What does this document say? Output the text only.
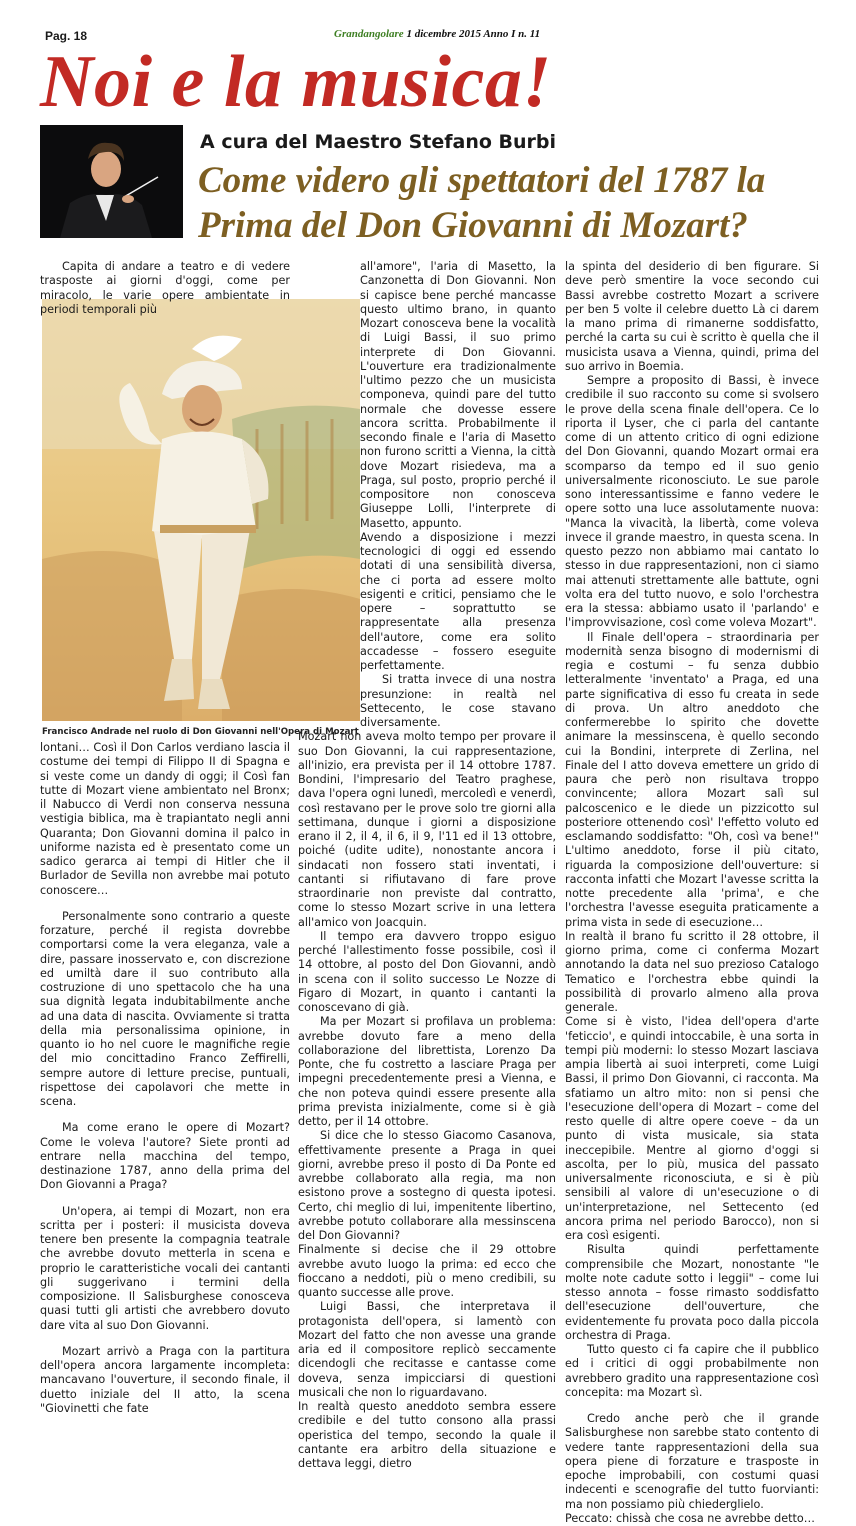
Pag. 18	Grandangolare 1 dicembre 2015 Anno I n. 11
Noi e la musica!
A cura del Maestro Stefano Burbi
Come videro gli spettatori del 1787 la Prima del Don Giovanni di Mozart?
Francisco Andrade nel ruolo di Don Giovanni nell'Opera di Mozart

Capita di andare a teatro e di vedere trasposte ai giorni d'oggi, come per miracolo, le varie opere ambientate in periodi temporali più

lontani… Così il Don Carlos verdiano lascia il costume dei tempi di Filippo II di Spagna e si veste come un dandy di oggi; il Così fan tutte di Mozart viene ambientato nel Bronx; il Nabucco di Verdi non conserva nessuna vestigia biblica, ma è trapiantato negli anni Quaranta; Don Giovanni domina il palco in uniforme nazista ed è presentato come un sadico gerarca ai tempi di Hitler che il Burlador de Sevilla non avrebbe mai potuto conoscere…

Personalmente sono contrario a queste forzature, perché il regista dovrebbe comportarsi come la vera eleganza, vale a dire, passare inosservato e, con discrezione ed umiltà dare il suo contributo alla costruzione di uno spettacolo che ha una sua dignità legata indubitabilmente anche ad una data di nascita. Ovviamente si tratta della mia personalissima opinione, in quanto io ho nel cuore le magnifiche regie del mio concittadino Franco Zeffirelli, sempre autore di letture precise, puntuali, rispettose dei capolavori che mette in scena.

Ma come erano le opere di Mozart? Come le voleva l'autore? Siete pronti ad entrare nella macchina del tempo, destinazione 1787, anno della prima del Don Giovanni a Praga?

Un'opera, ai tempi di Mozart, non era scritta per i posteri: il musicista doveva tenere ben presente la compagnia teatrale che avrebbe dovuto metterla in scena e proprio le caratteristiche vocali dei cantanti gli suggerivano i termini della composizione. Il Salisburghese conosceva quasi tutti gli artisti che avrebbero dovuto dare vita al suo Don Giovanni.

Mozart arrivò a Praga con la partitura dell'opera ancora largamente incompleta: mancavano l'ouverture, il secondo finale, il duetto iniziale del II atto, la scena "Giovinetti che fate

all'amore", l'aria di Masetto, la Canzonetta di Don Giovanni. Non si capisce bene perché mancasse questo ultimo brano, in quanto Mozart conosceva bene la vocalità di Luigi Bassi, il suo primo interprete di Don Giovanni. L'ouverture era tradizionalmente l'ultimo pezzo che un musicista componeva, quindi pare del tutto normale che dovesse essere ancora scritta. Probabilmente il secondo finale e l'aria di Masetto non furono scritti a Vienna, la città dove Mozart risiedeva, ma a Praga, sul posto, proprio perché il compositore non conosceva Giuseppe Lolli, l'interprete di Masetto, appunto.

Avendo a disposizione i mezzi tecnologici di oggi ed essendo dotati di una sensibilità diversa, che ci porta ad essere molto esigenti e critici, pensiamo che le opere – soprattutto se rappresentate alla presenza dell'autore, come era solito accadesse – fossero eseguite perfettamente.

Si tratta invece di una nostra presunzione: in realtà nel Settecento, le cose stavano diversamente.

Mozart non aveva molto tempo per provare il suo Don Giovanni, la cui rappresentazione, all'inizio, era prevista per il 14 ottobre 1787. Bondini, l'impresario del Teatro praghese, dava l'opera ogni lunedì, mercoledì e venerdì, così restavano per le prove solo tre giorni alla settimana, dunque i giorni a disposizione erano il 2, il 4, il 6, il 9, l'11 ed il 13 ottobre, poiché (udite udite), nonostante ancora i sindacati non fossero stati inventati, i cantanti si rifiutavano di fare prove straordinarie non previste dal contratto, come lo stesso Mozart scrive in una lettera all'amico von Joacquin.

Il tempo era davvero troppo esiguo perché l'allestimento fosse possibile, così il 14 ottobre, al posto del Don Giovanni, andò in scena con il solito successo Le Nozze di Figaro di Mozart, in quanto i cantanti la conoscevano di già.

Ma per Mozart si profilava un problema: avrebbe dovuto fare a meno della collaborazione del librettista, Lorenzo Da Ponte, che fu costretto a lasciare Praga per impegni precedentemente presi a Vienna, e che non poteva quindi essere presente alla prima prevista inizialmente, come si è già detto, per il 14 ottobre.

Si dice che lo stesso Giacomo Casanova, effettivamente presente a Praga in quei giorni, avrebbe preso il posto di Da Ponte ed avrebbe collaborato alla regia, ma non esistono prove a sostegno di questa ipotesi. Certo, chi meglio di lui, impenitente libertino, avrebbe potuto collaborare alla messinscena del Don Giovanni?

Finalmente si decise che il 29 ottobre avrebbe avuto luogo la prima: ed ecco che fioccano a neddoti, più o meno credibili, su quanto successe alle prove.

Luigi Bassi, che interpretava il protagonista dell'opera, si lamentò con Mozart del fatto che non avesse una grande aria ed il compositore replicò seccamente dicendogli che recitasse e cantasse come doveva, senza impicciarsi di questioni musicali che non lo riguardavano.

In realtà questo aneddoto sembra essere credibile e del tutto consono alla prassi operistica del tempo, secondo la quale il cantante era arbitro della situazione e dettava leggi, dietro

la spinta del desiderio di ben figurare. Si deve però smentire la voce secondo cui Bassi avrebbe costretto Mozart a scrivere per ben 5 volte il celebre duetto Là ci darem la mano prima di rimanerne soddisfatto, perché la carta su cui è scritto è quella che il musicista usava a Vienna, quindi, prima del suo arrivo in Boemia.

Sempre a proposito di Bassi, è invece credibile il suo racconto su come si svolsero le prove della scena finale dell'opera. Ce lo riporta il Lyser, che ci parla del cantante come di un attento critico di ogni edizione del Don Giovanni, quando Mozart ormai era scomparso da tempo ed il suo genio universalmente riconosciuto. Le sue parole sono interessantissime e fanno vedere le opere sotto una luce assolutamente nuova: "Manca la vivacità, la libertà, come voleva invece il grande maestro, in questa scena. In questo pezzo non abbiamo mai cantato lo stesso in due rappresentazioni, non ci siamo mai attenuti strettamente alle battute, ogni volta era del tutto nuovo, e solo l'orchestra era la stessa: abbiamo usato il 'parlando' e l'improvvisazione, così come voleva Mozart".

Il Finale dell'opera – straordinaria per modernità senza bisogno di modernismi di regia e costumi – fu senza dubbio letteralmente 'inventato' a Praga, ed una parte significativa di esso fu creata in sede di prova. Un altro aneddoto che confermerebbe lo spirito che dovette animare la messinscena, è quello secondo cui la Bondini, interprete di Zerlina, nel Finale del I atto doveva emettere un grido di paura che però non risultava troppo convincente; allora Mozart salì sul palcoscenico e le diede un pizzicotto sul posteriore ottenendo così' l'effetto voluto ed esclamando soddisfatto: "Oh, così va bene!" L'ultimo aneddoto, forse il più citato, riguarda la composizione dell'ouverture: si racconta infatti che Mozart l'avesse scritta la notte precedente alla 'prima', e che l'orchestra l'avesse eseguita praticamente a prima vista in sede di esecuzione…

In realtà il brano fu scritto il 28 ottobre, il giorno prima, come ci conferma Mozart annotando la data nel suo prezioso Catalogo Tematico e l'orchestra ebbe quindi la possibilità di provarlo almeno alla prova generale.

Come si è visto, l'idea dell'opera d'arte 'feticcio', e quindi intoccabile, è una sorta in tempi più moderni: lo stesso Mozart lasciava ampia libertà ai suoi interpreti, come Luigi Bassi, il primo Don Giovanni, ci racconta. Ma sfatiamo un altro mito: non si pensi che l'esecuzione dell'opera di Mozart – come del resto quelle di altre opere coeve – da un punto di vista musicale, sia stata ineccepibile. Mentre al giorno d'oggi si ascolta, per lo più, musica del passato universalmente riconosciuta, e si è più sensibili al valore di un'esecuzione o di un'interpretazione, nel Settecento (ed ancora prima nel periodo Barocco), non si era così esigenti.

Risulta quindi perfettamente comprensibile che Mozart, nonostante "le molte note cadute sotto i leggii" – come lui stesso annota – fosse rimasto soddisfatto dell'esecuzione dell'ouverture, che evidentemente fu provata poco dalla piccola orchestra di Praga.

Tutto questo ci fa capire che il pubblico ed i critici di oggi probabilmente non avrebbero gradito una rappresentazione così concepita: ma Mozart sì.

Credo anche però che il grande Salisburghese non sarebbe stato contento di vedere tante rappresentazioni della sua opera piene di forzature e trasposte in epoche improbabili, con costumi quasi indecenti e scenografie del tutto fuorvianti: ma non possiamo più chiederglielo.

Peccato: chissà che cosa ne avrebbe detto…
